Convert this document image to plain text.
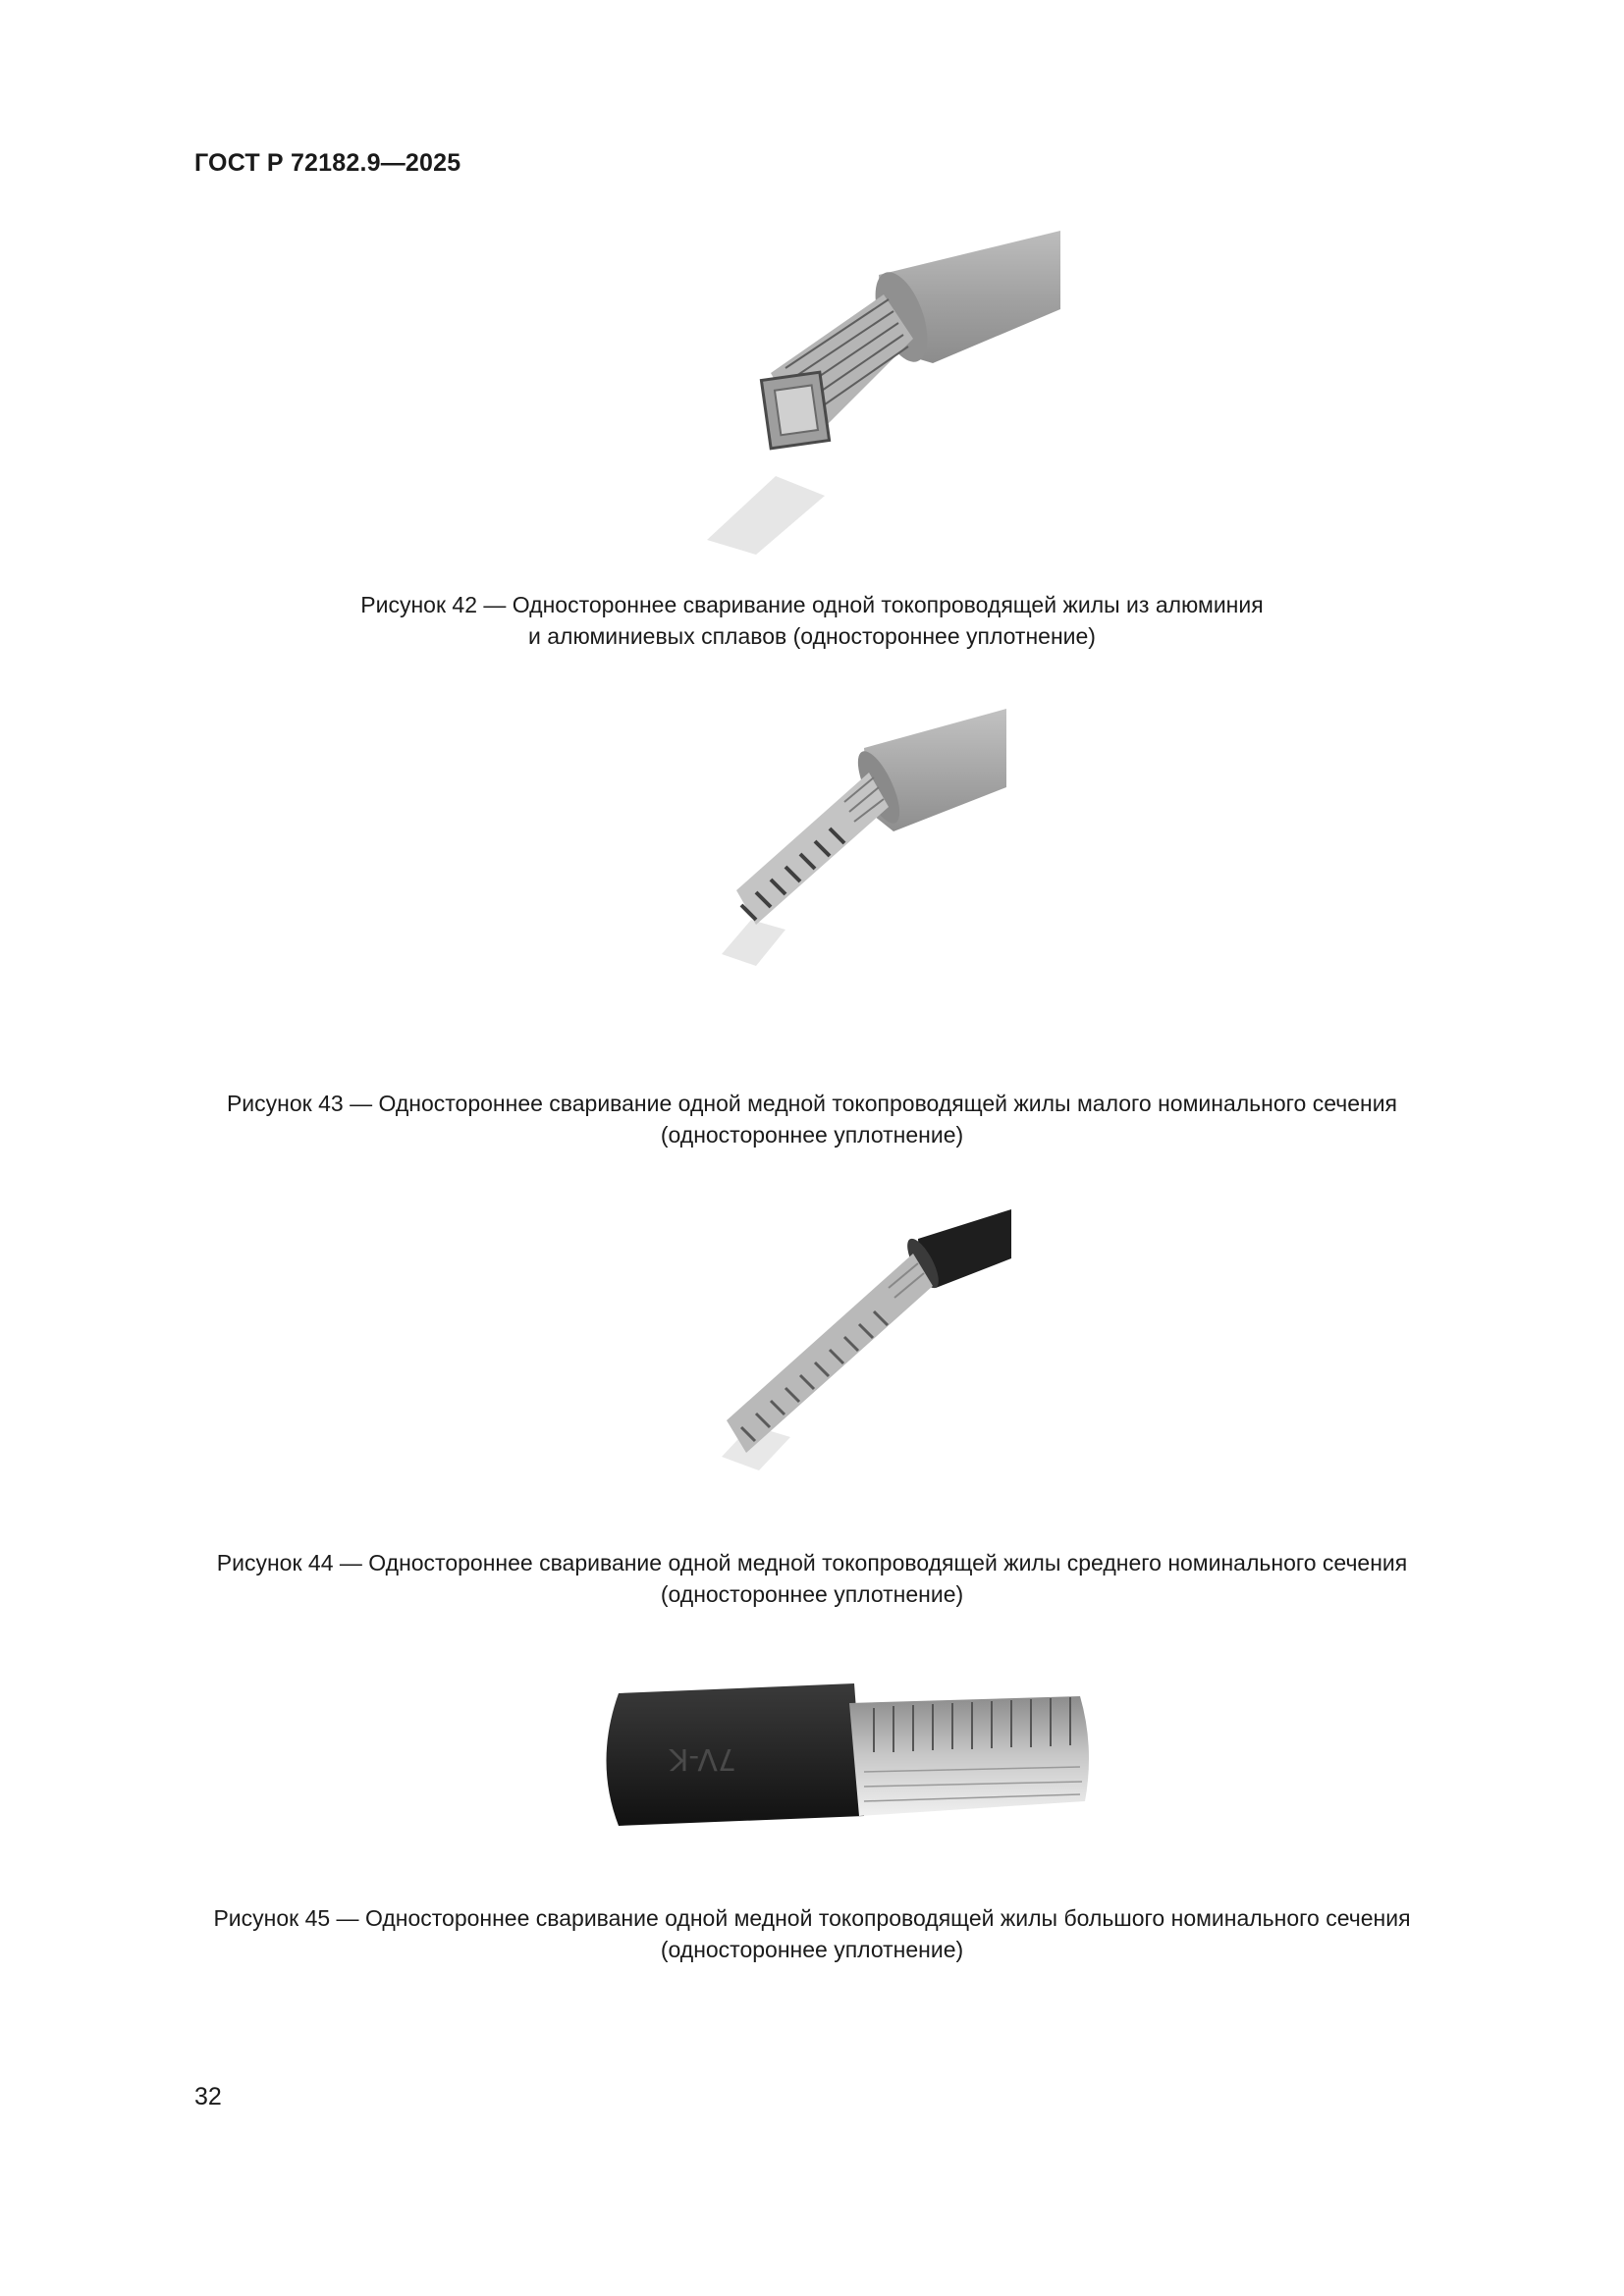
ГОСТ Р 72182.9—2025
Рисунок 42 — Одностороннее сваривание одной токопроводящей жилы из алюминия
и алюминиевых сплавов (одностороннее уплотнение)
Рисунок 43 — Одностороннее сваривание одной медной токопроводящей жилы малого номинального сечения
(одностороннее уплотнение)
Рисунок 44 — Одностороннее сваривание одной медной токопроводящей жилы среднего номинального сечения
(одностороннее уплотнение)
7V-K
Рисунок 45 — Одностороннее сваривание одной медной токопроводящей жилы большого номинального сечения
(одностороннее уплотнение)
32
